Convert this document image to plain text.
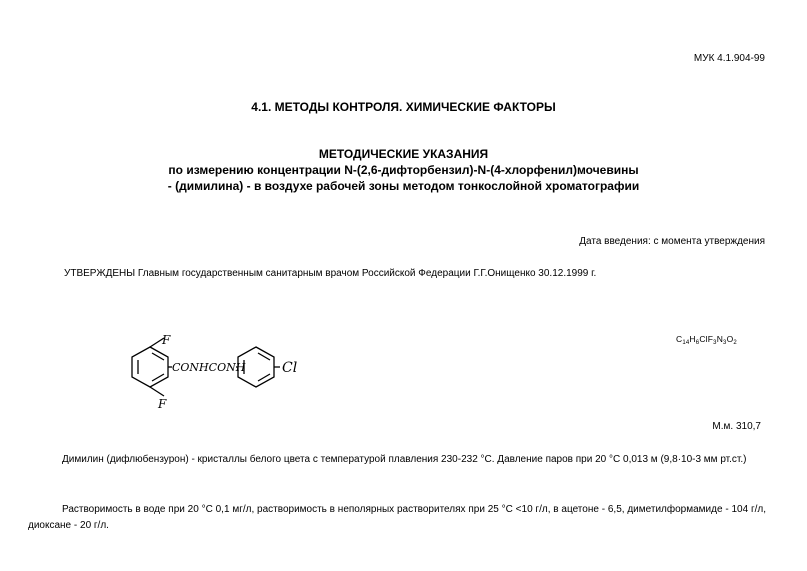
МУК 4.1.904-99
4.1. МЕТОДЫ КОНТРОЛЯ. ХИМИЧЕСКИЕ ФАКТОРЫ
МЕТОДИЧЕСКИЕ УКАЗАНИЯ
по измерению концентрации N-(2,6-дифторбензил)-N-(4-хлорфенил)мочевины
- (димилина) - в воздухе рабочей зоны методом тонкослойной хроматографии
Дата введения: с момента утверждения
УТВЕРЖДЕНЫ Главным государственным санитарным врачом Российской Федерации Г.Г.Онищенко 30.12.1999 г.
F
F
CONHCONH	Cl
$C_{14}H_6ClF_3N_3O_2$
М.м. 310,7
Димилин (дифлюбензурон) - кристаллы белого цвета с температурой плавления 230-232 °С. Давление паров при 20 °С 0,013 м (9,8·10-3 мм рт.ст.)
Растворимость в воде при 20 °С 0,1 мг/л, растворимость в неполярных растворителях при 25 °С <10 г/л, в ацетоне - 6,5, диметилформамиде - 104 г/л, диоксане - 20 г/л.
